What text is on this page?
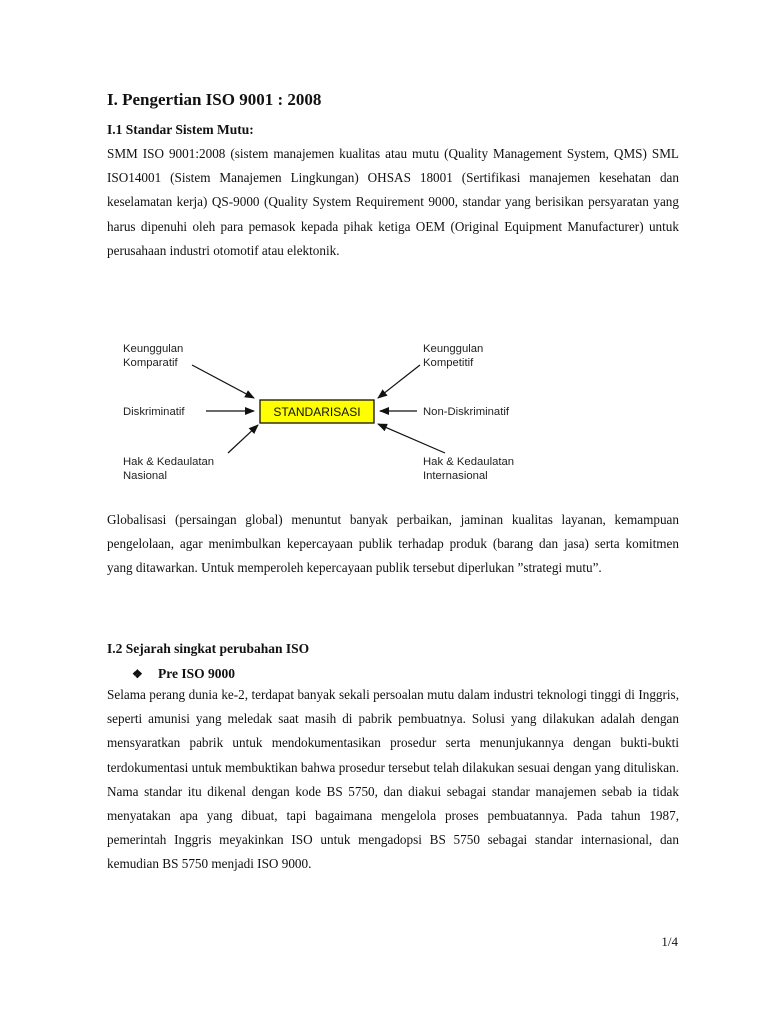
I. Pengertian ISO 9001 : 2008
I.1 Standar Sistem Mutu:
SMM ISO 9001:2008 (sistem manajemen kualitas atau mutu (Quality Management System, QMS) SML ISO14001 (Sistem Manajemen Lingkungan) OHSAS 18001 (Sertifikasi manajemen kesehatan dan keselamatan kerja) QS-9000 (Quality System Requirement 9000, standar yang berisikan persyaratan yang harus dipenuhi oleh para pemasok kepada pihak ketiga OEM (Original Equipment Manufacturer) untuk perusahaan industri otomotif atau elektonik.
Keunggulan Komparatif
Diskriminatif
Hak & Kedaulatan Nasional
Keunggulan Kompetitif
Non-Diskriminatif
Hak & Kedaulatan Internasional
STANDARISASI
Globalisasi (persaingan global) menuntut banyak perbaikan, jaminan kualitas layanan, kemampuan pengelolaan, agar menimbulkan kepercayaan publik terhadap produk (barang dan jasa) serta komitmen yang ditawarkan. Untuk memperoleh kepercayaan publik tersebut diperlukan ”strategi mutu”.
I.2 Sejarah singkat perubahan ISO
❖ Pre ISO 9000
Selama perang dunia ke-2, terdapat banyak sekali persoalan mutu dalam industri teknologi tinggi di Inggris, seperti amunisi yang meledak saat masih di pabrik pembuatnya. Solusi yang dilakukan adalah dengan mensyaratkan pabrik untuk mendokumentasikan prosedur serta menunjukannya dengan bukti-bukti terdokumentasi untuk membuktikan bahwa prosedur tersebut telah dilakukan sesuai dengan yang dituliskan. Nama standar itu dikenal dengan kode BS 5750, dan diakui sebagai standar manajemen sebab ia tidak menyatakan apa yang dibuat, tapi bagaimana mengelola proses pembuatannya. Pada tahun 1987, pemerintah Inggris meyakinkan ISO untuk mengadopsi BS 5750 sebagai standar internasional, dan kemudian BS 5750 menjadi ISO 9000.
1/4
